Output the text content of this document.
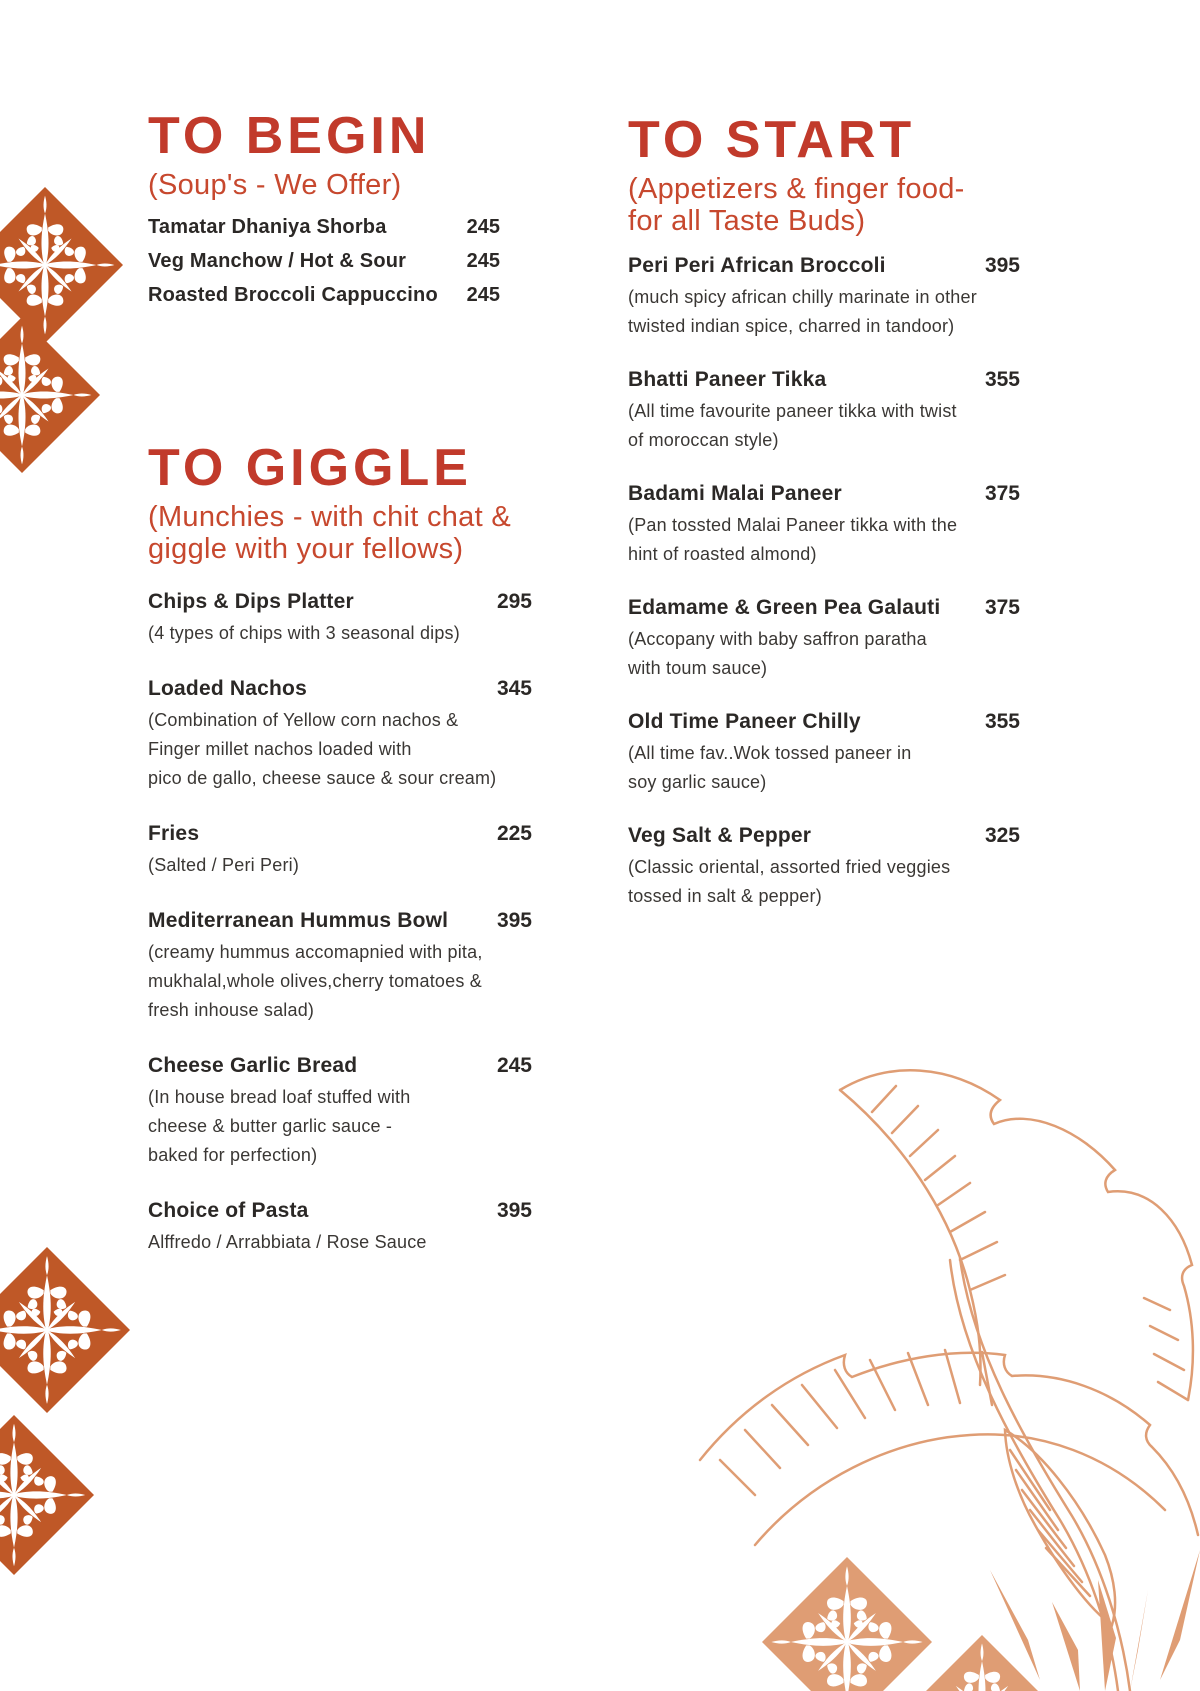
TO BEGIN
(Soup's - We Offer)
Tamatar Dhaniya Shorba	245
Veg Manchow / Hot & Sour	245
Roasted Broccoli Cappuccino	245
TO GIGGLE
(Munchies - with chit chat &
giggle with your fellows)
Chips & Dips Platter	295
(4 types of chips with 3 seasonal dips)
Loaded Nachos	345
(Combination of Yellow corn nachos &
Finger millet nachos loaded with
pico de gallo, cheese sauce & sour cream)
Fries	225
(Salted / Peri Peri)
Mediterranean Hummus Bowl	395
(creamy hummus accomapnied with pita,
mukhalal,whole olives,cherry tomatoes &
fresh inhouse salad)
Cheese Garlic Bread	245
(In house bread loaf stuffed with
cheese & butter garlic sauce -
baked for perfection)
Choice of Pasta	395
Alffredo / Arrabbiata / Rose Sauce
TO START
(Appetizers & finger food-
for all Taste Buds)
Peri Peri African Broccoli	395
(much spicy african chilly marinate in other
twisted indian spice, charred in tandoor)
Bhatti Paneer Tikka	355
(All time favourite paneer tikka with twist
of moroccan style)
Badami Malai Paneer	375
(Pan tossted Malai Paneer tikka with the
hint of roasted almond)
Edamame & Green Pea Galauti	375
(Accopany with baby saffron paratha
with toum sauce)
Old Time Paneer Chilly	355
(All time fav..Wok tossed paneer in
soy garlic sauce)
Veg Salt & Pepper	325
(Classic oriental, assorted fried veggies
tossed in salt & pepper)
